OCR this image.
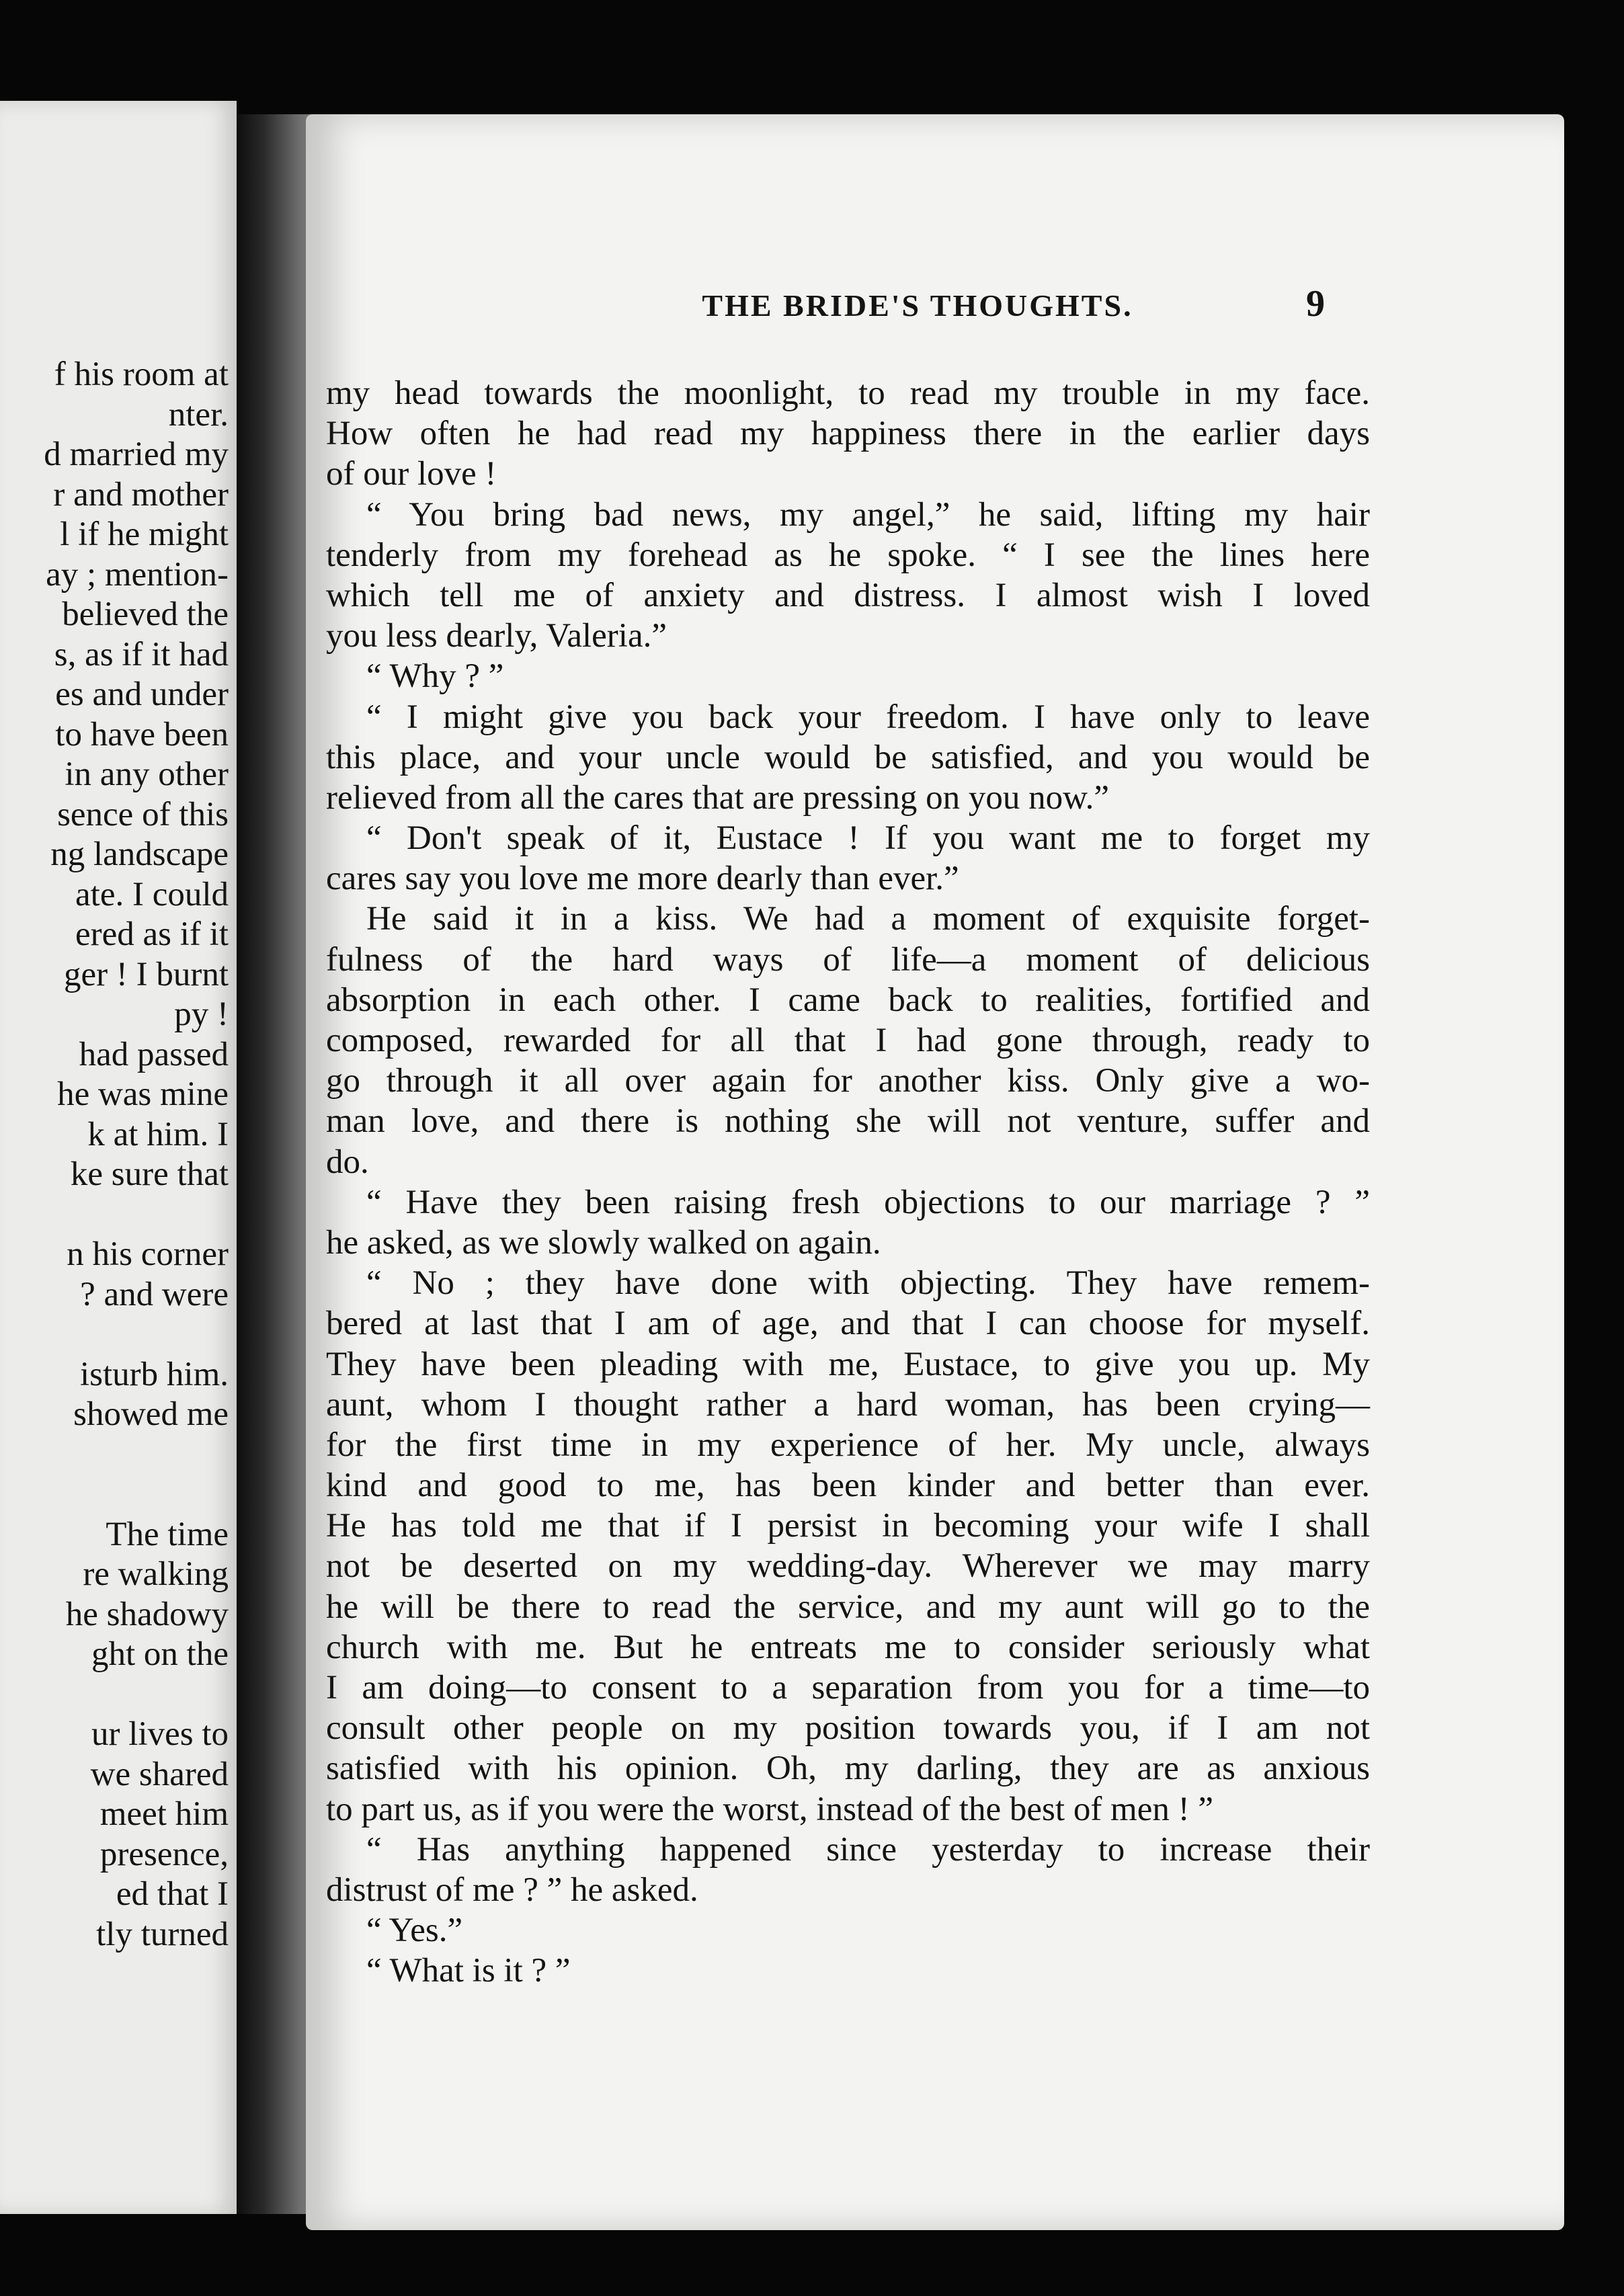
f his room at
nter.
d married my
r and mother
l if he might
ay ; mention-
believed the
s, as if it had
es and under
to have been
in any other
sence of this
ng landscape
ate. I could
ered as if it
ger ! I burnt
py !
had passed
he was mine
k at him. I
ke sure that
n his corner
? and were
isturb him.
showed me
The time
re walking
he shadowy
ght on the
ur lives to
we shared
meet him
presence,
ed that I
tly turned
THE BRIDE'S THOUGHTS.	9
my head towards the moonlight, to read my trouble in my face.
How often he had read my happiness there in the earlier days
of our love !
“ You bring bad news, my angel,” he said, lifting my hair
tenderly from my forehead as he spoke. “ I see the lines here
which tell me of anxiety and distress. I almost wish I loved
you less dearly, Valeria.”
“ Why ? ”
“ I might give you back your freedom. I have only to leave
this place, and your uncle would be satisfied, and you would be
relieved from all the cares that are pressing on you now.”
“ Don't speak of it, Eustace ! If you want me to forget my
cares say you love me more dearly than ever.”
He said it in a kiss. We had a moment of exquisite forget-
fulness of the hard ways of life—a moment of delicious
absorption in each other. I came back to realities, fortified and
composed, rewarded for all that I had gone through, ready to
go through it all over again for another kiss. Only give a wo-
man love, and there is nothing she will not venture, suffer and
do.
“ Have they been raising fresh objections to our marriage ? ”
he asked, as we slowly walked on again.
“ No ; they have done with objecting. They have remem-
bered at last that I am of age, and that I can choose for myself.
They have been pleading with me, Eustace, to give you up. My
aunt, whom I thought rather a hard woman, has been crying—
for the first time in my experience of her. My uncle, always
kind and good to me, has been kinder and better than ever.
He has told me that if I persist in becoming your wife I shall
not be deserted on my wedding-day. Wherever we may marry
he will be there to read the service, and my aunt will go to the
church with me. But he entreats me to consider seriously what
I am doing—to consent to a separation from you for a time—to
consult other people on my position towards you, if I am not
satisfied with his opinion. Oh, my darling, they are as anxious
to part us, as if you were the worst, instead of the best of men ! ”
“ Has anything happened since yesterday to increase their
distrust of me ? ” he asked.
“ Yes.”
“ What is it ? ”
